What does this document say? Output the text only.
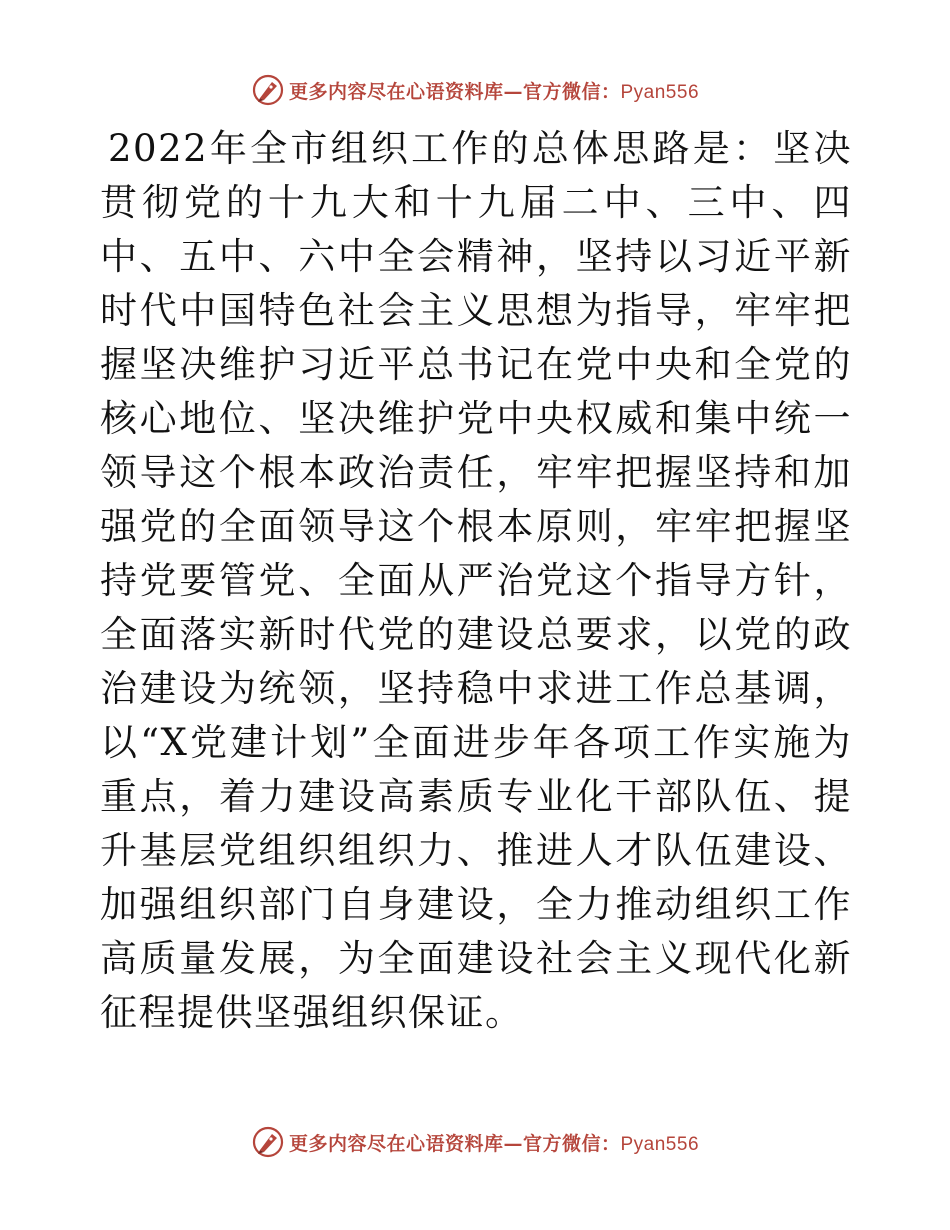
更多内容尽在心语资料库—官方微信：Pyan556

2022年全市组织工作的总体思路是：坚决贯彻党的十九大和十九届二中、三中、四中、五中、六中全会精神，坚持以习近平新时代中国特色社会主义思想为指导，牢牢把握坚决维护习近平总书记在党中央和全党的核心地位、坚决维护党中央权威和集中统一领导这个根本政治责任，牢牢把握坚持和加强党的全面领导这个根本原则，牢牢把握坚持党要管党、全面从严治党这个指导方针，全面落实新时代党的建设总要求，以党的政治建设为统领，坚持稳中求进工作总基调，以“X党建计划”全面进步年各项工作实施为重点，着力建设高素质专业化干部队伍、提升基层党组织组织力、推进人才队伍建设、加强组织部门自身建设，全力推动组织工作高质量发展，为全面建设社会主义现代化新征程提供坚强组织保证。

更多内容尽在心语资料库—官方微信：Pyan556
